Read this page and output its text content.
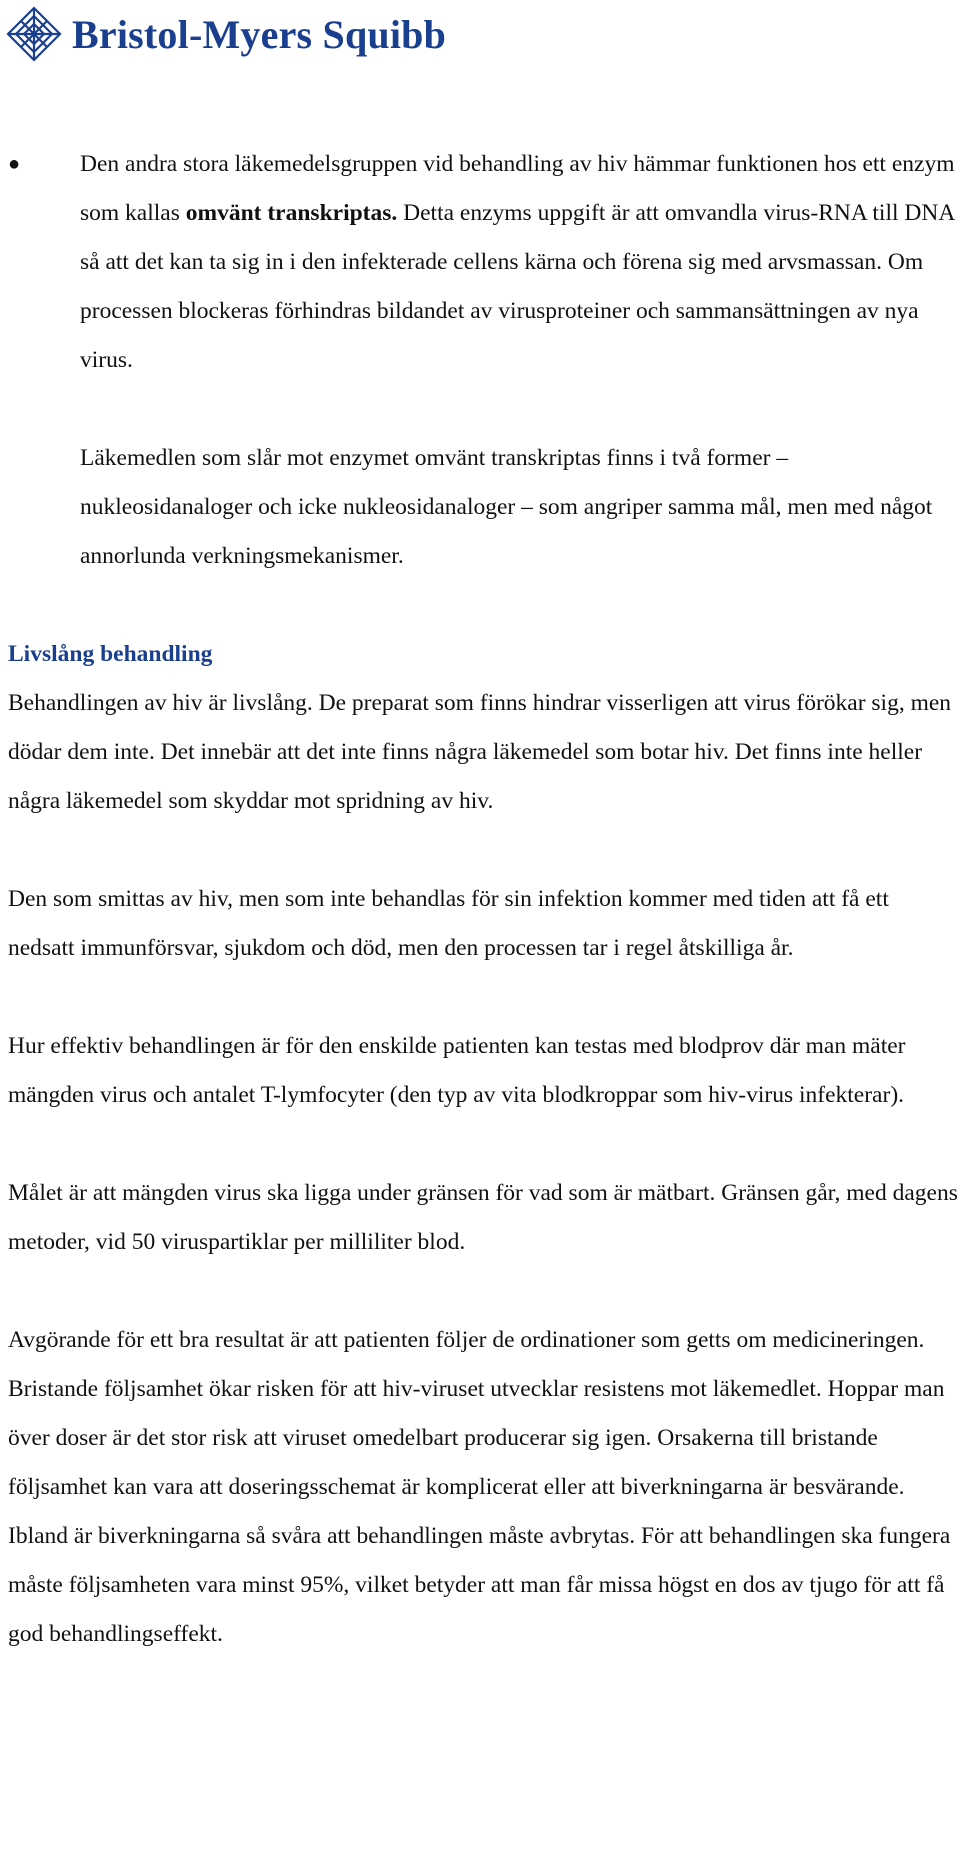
Bristol-Myers Squibb
●	Den andra stora läkemedelsgruppen vid behandling av hiv hämmar funktionen hos ett enzym som kallas omvänt transkriptas. Detta enzyms uppgift är att omvandla virus-RNA till DNA så att det kan ta sig in i den infekterade cellens kärna och förena sig med arvsmassan. Om processen blockeras förhindras bildandet av virusproteiner och sammansättningen av nya virus.

Läkemedlen som slår mot enzymet omvänt transkriptas finns i två former – nukleosidanaloger och icke nukleosidanaloger – som angriper samma mål, men med något annorlunda verkningsmekanismer.

Livslång behandling

Behandlingen av hiv är livslång. De preparat som finns hindrar visserligen att virus förökar sig, men dödar dem inte. Det innebär att det inte finns några läkemedel som botar hiv. Det finns inte heller några läkemedel som skyddar mot spridning av hiv.

Den som smittas av hiv, men som inte behandlas för sin infektion kommer med tiden att få ett nedsatt immunförsvar, sjukdom och död, men den processen tar i regel åtskilliga år.

Hur effektiv behandlingen är för den enskilde patienten kan testas med blodprov där man mäter mängden virus och antalet T-lymfocyter (den typ av vita blodkroppar som hiv-virus infekterar).

Målet är att mängden virus ska ligga under gränsen för vad som är mätbart. Gränsen går, med dagens metoder, vid 50 viruspartiklar per milliliter blod.

Avgörande för ett bra resultat är att patienten följer de ordinationer som getts om medicineringen. Bristande följsamhet ökar risken för att hiv-viruset utvecklar resistens mot läkemedlet. Hoppar man över doser är det stor risk att viruset omedelbart producerar sig igen. Orsakerna till bristande följsamhet kan vara att doseringsschemat är komplicerat eller att biverkningarna är besvärande. Ibland är biverkningarna så svåra att behandlingen måste avbrytas. För att behandlingen ska fungera måste följsamheten vara minst 95%, vilket betyder att man får missa högst en dos av tjugo för att få god behandlingseffekt.
